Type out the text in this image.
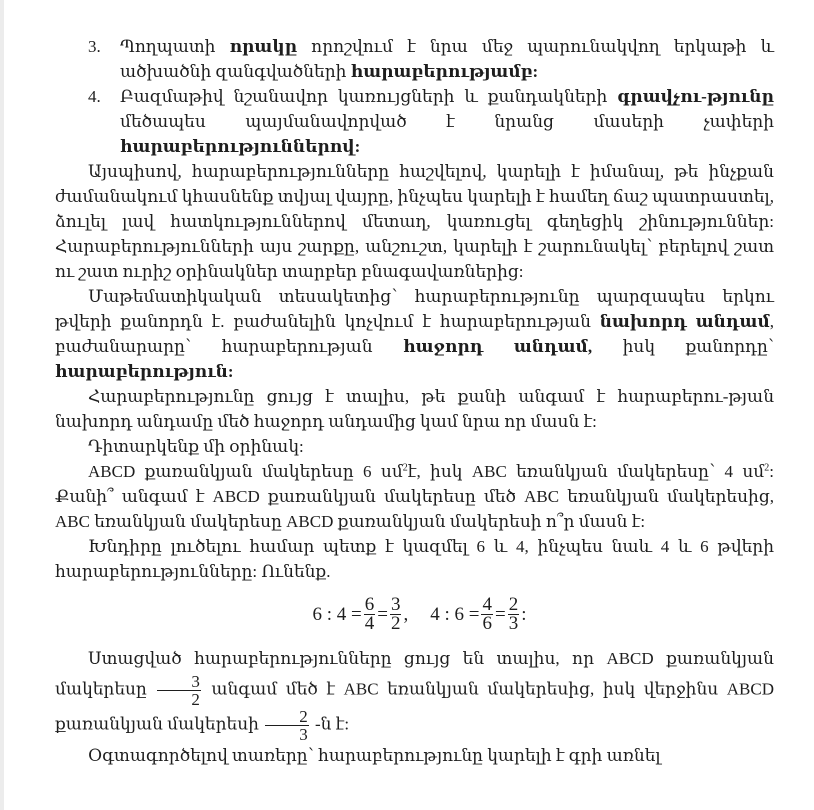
3. Պողպատի որակը որոշվում է նրա մեջ պարունակվող երկաթի և ածխածնի զանգվածների հարաբերությամբ:
4. Բազմաթիվ նշանավոր կառույցների և քանդակների գրավչու-թյունը մեծապես պայմանավորված է նրանց մասերի չափերի հարաբերություններով:

Այսպիսով, հարաբերությունները հաշվելով, կարելի է իմանալ, թե ինչքան ժամանակում կհասնենք տվյալ վայրը, ինչպես կարելի է համեղ ճաշ պատրաստել, ձուլել լավ հատկություններով մետաղ, կառուցել գեղեցիկ շինություններ: Հարաբերությունների այս շարքը, անշուշտ, կարելի է շարունակել՝ բերելով շատ ու շատ ուրիշ օրինակներ տարբեր բնագավառներից:

Մաթեմատիկական տեսակետից՝ հարաբերությունը պարզապես երկու թվերի քանորդն է. բաժանելին կոչվում է հարաբերության նախորդ անդամ, բաժանարարը՝ հարաբերության հաջորդ անդամ, իսկ քանորդը՝ հարաբերություն:

Հարաբերությունը ցույց է տալիս, թե քանի անգամ է հարաբերու-թյան նախորդ անդամը մեծ հաջորդ անդամից կամ նրա որ մասն է:

Դիտարկենք մի օրինակ:

ABCD քառանկյան մակերեսը 6 սմ$^2$է, իսկ ABC եռանկյան մակերեսը՝ 4 սմ$^2$: Քանի՞ անգամ է ABCD քառանկյան մակերեսը մեծ ABC եռանկյան մակերեսից, ABC եռանկյան մակերեսը ABCD քառանկյան մակերեսի ո՞ր մասն է:

Խնդիրը լուծելու համար պետք է կազմել 6 և 4, ինչպես նաև 4 և 6 թվերի հարաբերությունները: Ունենք.

6 : $4 = \frac{6}{4} = \frac{3}{2}$ , 4 : $6 = \frac{4}{6} = \frac{2}{3}$ :

Ստացված հարաբերությունները ցույց են տալիս, որ ABCD քառանկյան մակերեսը $\frac{3}{2}$ անգամ մեծ է ABC եռանկյան մակերեսից, իսկ վերջինս ABCD քառանկյան մակերեսի $\frac{2}{3}$ -ն է:

Օգտագործելով տառերը՝ հարաբերությունը կարելի է գրի առնել
